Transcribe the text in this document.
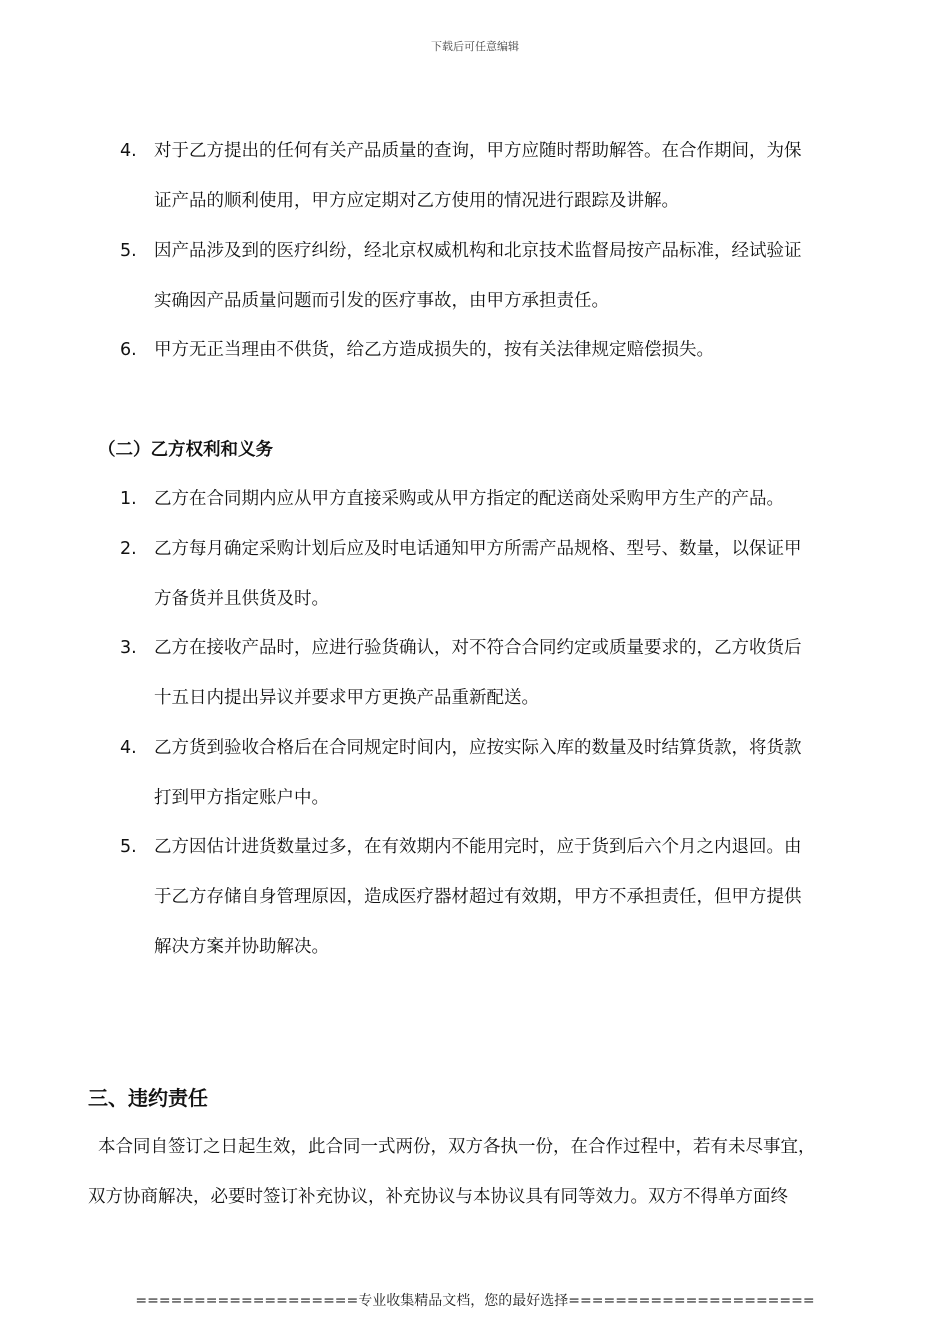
下载后可任意编辑
4. 对于乙方提出的任何有关产品质量的查询，甲方应随时帮助解答。在合作期间，为保
证产品的顺利使用，甲方应定期对乙方使用的情况进行跟踪及讲解。
5. 因产品涉及到的医疗纠纷，经北京权威机构和北京技术监督局按产品标准，经试验证
实确因产品质量问题而引发的医疗事故，由甲方承担责任。
6. 甲方无正当理由不供货，给乙方造成损失的，按有关法律规定赔偿损失。
（二）乙方权利和义务
1. 乙方在合同期内应从甲方直接采购或从甲方指定的配送商处采购甲方生产的产品。
2. 乙方每月确定采购计划后应及时电话通知甲方所需产品规格、型号、数量，以保证甲
方备货并且供货及时。
3. 乙方在接收产品时，应进行验货确认，对不符合合同约定或质量要求的，乙方收货后
十五日内提出异议并要求甲方更换产品重新配送。
4. 乙方货到验收合格后在合同规定时间内，应按实际入库的数量及时结算货款，将货款
打到甲方指定账户中。
5. 乙方因估计进货数量过多，在有效期内不能用完时，应于货到后六个月之内退回。由
于乙方存储自身管理原因，造成医疗器材超过有效期，甲方不承担责任，但甲方提供
解决方案并协助解决。
三、违约责任
本合同自签订之日起生效，此合同一式两份，双方各执一份，在合作过程中，若有未尽事宜，
双方协商解决，必要时签订补充协议，补充协议与本协议具有同等效力。双方不得单方面终
===================专业收集精品文档，您的最好选择=====================
